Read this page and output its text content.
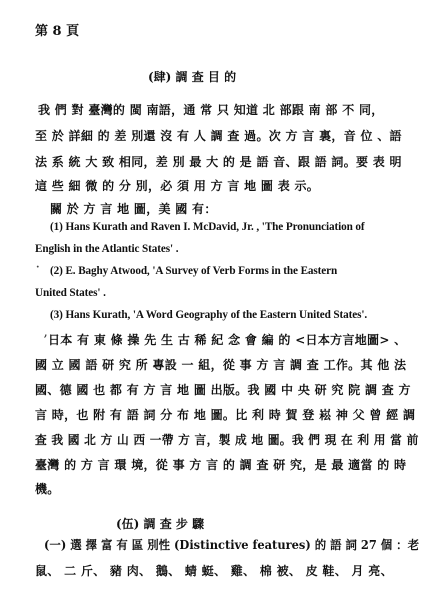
第 8 頁
(肆) 調 查 目 的
我 們 對 臺灣的 閩 南語，通 常 只 知道 北 部跟 南 部 不 同，
至 於 詳細 的 差 別還 沒 有 人 調 查 過。次 方 言 裏，音 位 、語
法 系 統 大 致 相同，差 別 最 大 的 是 語 音、跟 語 詞。要 表 明
這 些 細 微 的 分 別，必 須 用 方 言 地 圖 表 示。
關 於 方 言 地 圖，美 國 有：
(1) Hans Kurath and Raven I. McDavid, Jr. , 'The Pronunciation of
English in the Atlantic States' .
· (2) E. Baghy Atwood, 'A Survey of Verb Forms in the Eastern
United States' .
(3) Hans Kurath, 'A Word Geography of the Eastern United States'.
, 日本 有 東 條 操 先 生 古 稀 紀 念 會 編 的 <日本方言地圖> 、
國 立 國 語 研 究 所 專設 一 組，從 事 方 言 調 查 工作。其 他 法
國、德 國 也 都 有 方 言 地 圖 出版。我 國 中 央 研 究 院 調 查 方
言 時，也 附 有 語 詞 分 布 地 圖。比 利 時 賀 登 崧 神 父 曾 經 調
查 我 國 北 方 山 西 一帶 方 言，製 成 地 圖。我 們 現 在 利 用 當 前
臺灣 的 方 言 環 境，從 事 方 言 的 調 查 研 究，是 最 適當 的 時
機。
(伍) 調 查 步 驟
(一) 選 擇 富 有 區 別性 (Distinctive features) 的 語 詞 27 個 ：老
鼠、 二 斤、 豬 肉、 鵝、 蜻 蜓、 雞、 棉 被、 皮 鞋、 月 亮、
